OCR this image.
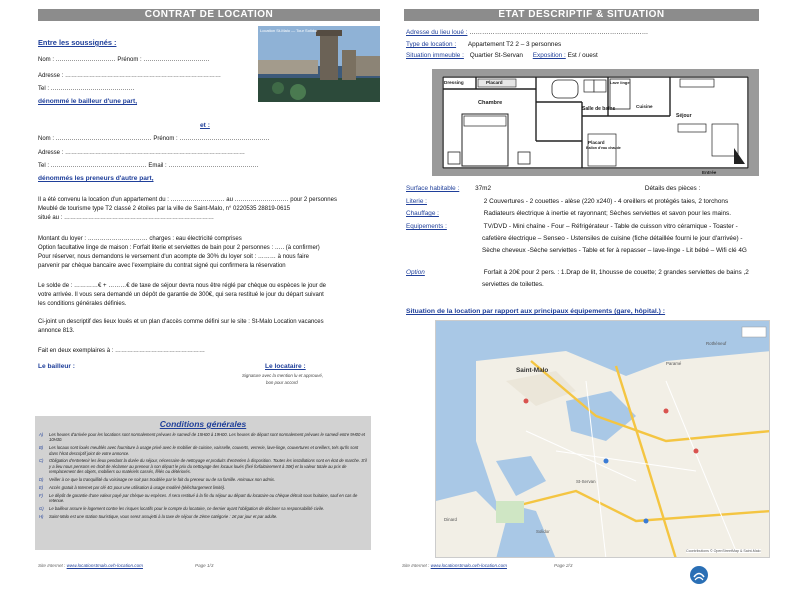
CONTRAT DE LOCATION
Location St-Malo — Tour Solidor
Entre les soussignés :
Nom : ………………………… Prénom : ……………………………
Adresse : ……………………………………………………………………
Tel : ……………………………………
dénommé le bailleur d'une part,
et :
Nom : ………………………………………… Prénom : ………………………………………
Adresse : ………………………………………………………………………………
Tel : ………………………………………… Email : ………………………………………
dénommés les preneurs d'autre part,
Il a été convenu la location d'un appartement du : ……………………… au ……………………… pour 2 personnes
Meublé de tourisme type T2 classé 2 étoiles par la ville de Saint-Malo, n° 0220535 28819-0615
situé au : …………………………………………………………………
Montant du loyer : ………………………… charges : eau électricité comprises
Option facultative linge de maison : Forfait literie et serviettes de bain pour 2 personnes : ….. (à confirmer)
Pour réserver, nous demandons le versement d'un acompte de 30% du loyer soit : ……… à nous faire
parvenir par chèque bancaire avec l'exemplaire du contrat signé qui confirmera la réservation
Le solde de : …………€ + ………€ de taxe de séjour devra nous être réglé par chèque ou espèces le jour de
votre arrivée. Il vous sera demandé un dépôt de garantie de 300€, qui sera restitué le jour du départ suivant
les conditions générales définies.
Ci-joint un descriptif des lieux loués et un plan d'accès comme défini sur le site : St-Malo Location vacances
annonce 813.
Fait en deux exemplaires à : ………………………………………
Le bailleur :	Le locataire :
Signature avec la mention lu et approuvé,
bon pour accord
Conditions générales
A)	Les heures d'arrivée pour les locations sont normalement prévues le samedi de 15H00 à 19H00. Les heures de départ sont normalement prévues le samedi entre 9H00 et 10H30.
B)	Les locaux sont loués meublés avec fourniture à usage privé avec le mobilier de cuisine, vaisselle, couverts, verrerie, lave-linge, couvertures et oreillers, tels qu'ils sont dans l'état descriptif joint de votre annonce.
C)	Obligation d'entretenir les lieux pendant la durée du séjour, nécessaire de nettoyage et produits d'entretien à disposition. Toutes les installations sont en état de marche. S'il y a lieu nous pensons en droit de réclamer au preneur à son départ le prix du nettoyage des locaux loués (fixé forfaitairement à 30€) et la valeur totale au prix de remplacement des objets, mobiliers ou matériels cassés, fêlés ou détériorés.
D)	Veiller à ce que la tranquillité du voisinage ne soit pas troublée par le fait du preneur ou de sa famille. Animaux non admis.
E)	Accès gratuit à Internet par clé 4G pour une utilisation à usage modéré (téléchargement limité).
F)	Le dépôt de garantie d'une valeur payé par chèque ou espèces. Il sera restitué à la fin du séjour au départ du locataire ou chèque détruit sous huitaine, sauf en cas de retenue.
G)	Le bailleur assure le logement contre les risques locatifs pour le compte du locataire, ce dernier ayant l'obligation de déclarer sa responsabilité civile.
H)	Saint-Malo est une station touristique, vous serez assujetti à la taxe de séjour de 2ème catégorie : 1€ par jour et par adulte.
Site Internet : www.locationstmalo.ovh-location.com	Page 1/3
ETAT DESCRIPTIF & SITUATION
Adresse du lieu loué : …………………………………………………………………………
Type de location : Appartement T2 2 – 3 personnes
Situation immeuble : Quartier St-Servan Exposition : Est / ouest
Dressing	Placard
Chambre
Salle de bains
Lave linge
Cuisine
Séjour
Placard
Ballon d'eau chaude
Entrée
Surface habitable : 37m2	Détails des pièces :
Literie :	2 Couvertures - 2 couettes - alèse (220 x240) - 4 oreillers et protégés taies, 2 torchons
Chauffage :	Radiateurs électrique à inertie et rayonnant; Sèches serviettes et savon pour les mains.
Equipements :	TV/DVD - Mini chaîne - Four – Réfrigérateur - Table de cuisson vitro céramique - Toaster -
cafetière électrique – Senseo - Ustensiles de cuisine (fiche détaillée fourni le jour d'arrivée) -
Sèche cheveux -Sèche serviettes - Table et fer à repasser – lave-linge - Lit bébé – Wifi clé 4G
Option	Forfait à 20€ pour 2 pers. : 1.Drap de lit, 1housse de couette; 2 grandes serviettes de bains ,2
serviettes de toilettes.
Situation de la location par rapport aux principaux équipements (gare, hôpital.) :
Saint-Malo
Paramé
Rothéneuf
Solidor
St-Servan
Dinard
Ccontributions © OpenStreetMap & Saint-Malo
Site Internet : www.locationstmalo.ovh-location.com	Page 2/3
